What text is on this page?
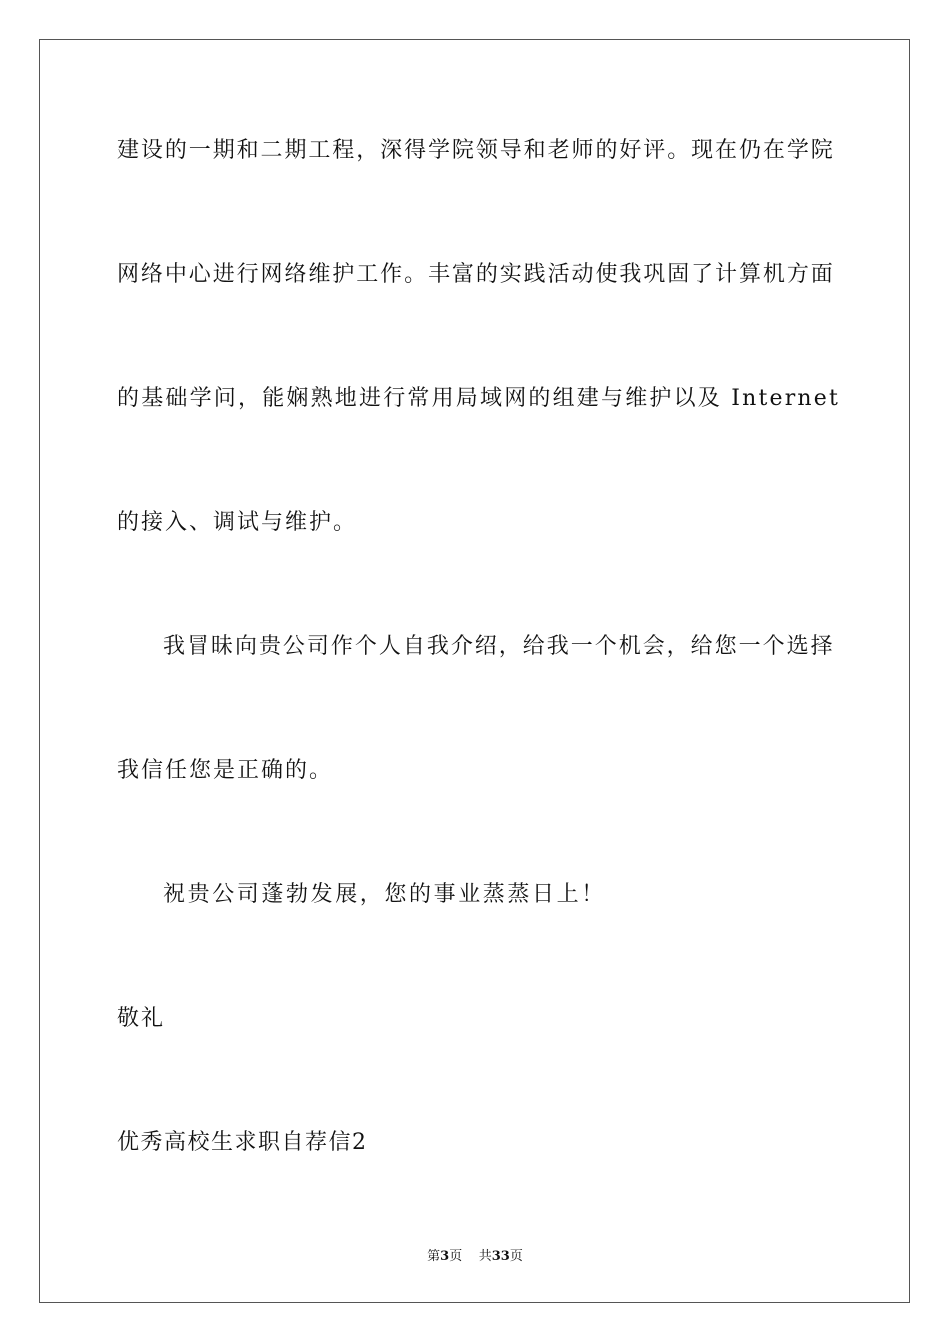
建 设 的 一 期 和 二 期 工 程 ， 深 得 学 院 领 导 和 老 师 的 好 评 。 现 在 仍 在 学 院
网 络 中 心 进 行 网 络 维 护 工 作 。 丰 富 的 实 践 活 动 使 我 巩 固 了 计 算 机 方 面
的基础学问，能娴熟地进行常用局域网的组建与维护以及 Internet
的接入、调试与维护。
我 冒 昧 向 贵 公 司 作 个 人 自 我 介 绍 ， 给 我 一 个 机 会 ， 给 您 一 个 选 择
我信任您是正确的。
祝贵公司蓬勃发展，您的事业蒸蒸日上！
敬礼
优秀高校生求职自荐信2
第3页 共33页
